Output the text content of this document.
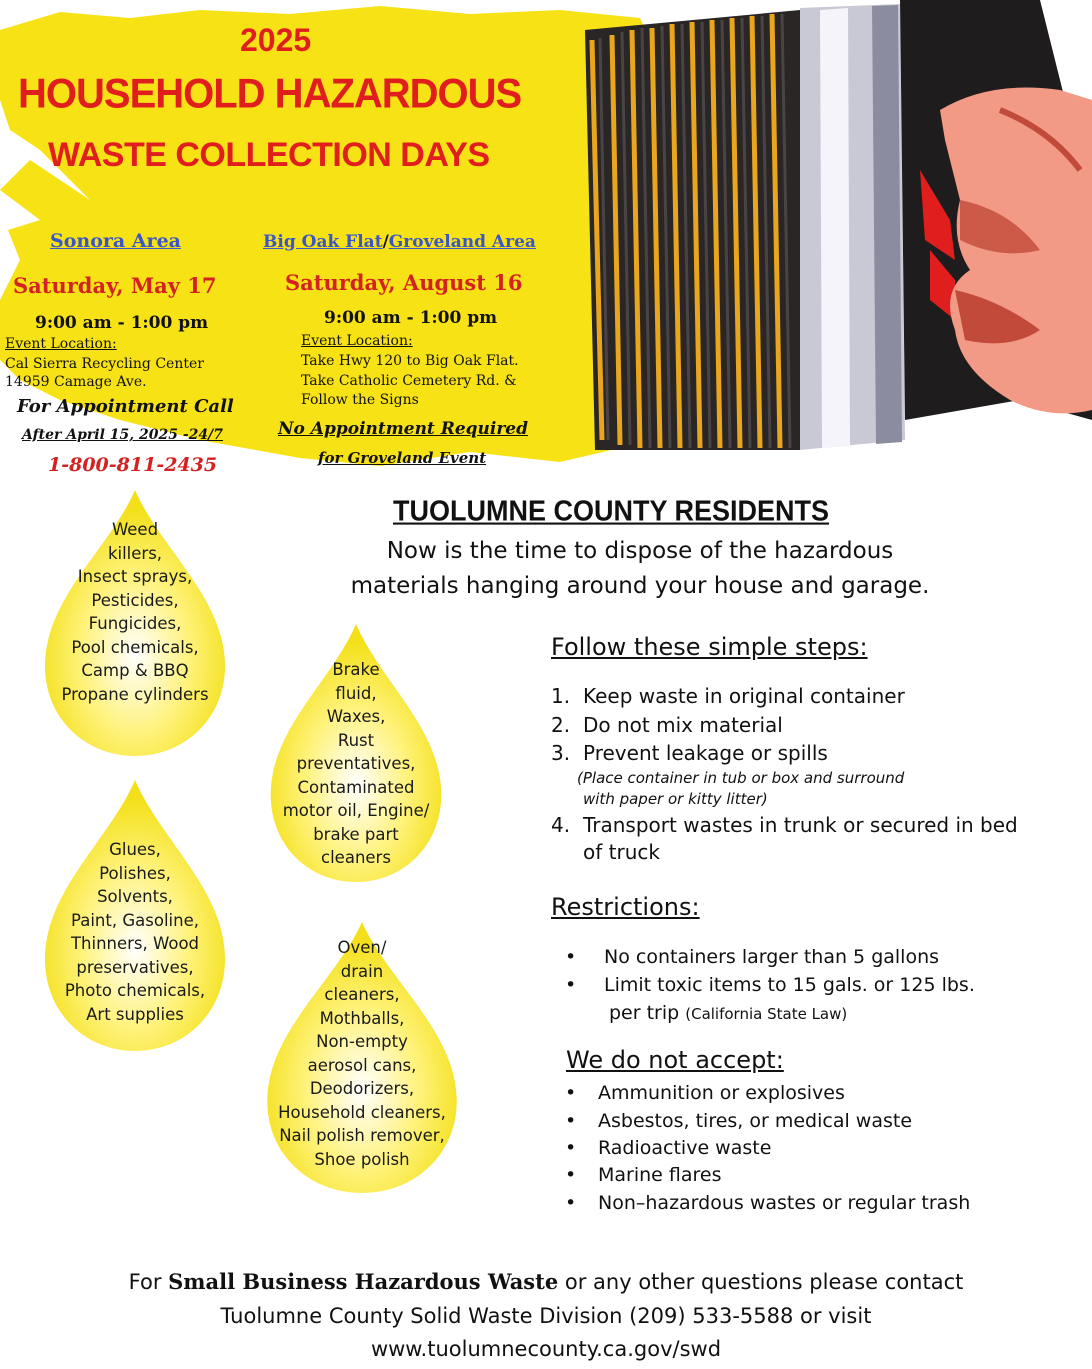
2025
HOUSEHOLD HAZARDOUS
WASTE COLLECTION DAYS
Sonora Area
Saturday, May 17
9:00 am - 1:00 pm
Event Location:
Cal Sierra Recycling Center
14959 Camage Ave.
For Appointment Call
After April 15, 2025 -24/7
1-800-811-2435
Big Oak Flat/Groveland Area
Saturday, August 16
9:00 am - 1:00 pm
Event Location:
Take Hwy 120 to Big Oak Flat.
Take Catholic Cemetery Rd. &
Follow the Signs
No Appointment Required
for Groveland Event
Weed
killers,
Insect sprays,
Pesticides,
Fungicides,
Pool chemicals,
Camp & BBQ
Propane cylinders
Brake
fluid,
Waxes,
Rust
preventatives,
Contaminated
motor oil, Engine/
brake part
cleaners
Glues,
Polishes,
Solvents,
Paint, Gasoline,
Thinners, Wood
preservatives,
Photo chemicals,
Art supplies
Oven/
drain
cleaners,
Mothballs,
Non-empty
aerosol cans,
Deodorizers,
Household cleaners,
Nail polish remover,
Shoe polish
TUOLUMNE COUNTY RESIDENTS
Now is the time to dispose of the hazardous
materials hanging around your house and garage.
Follow these simple steps:
1. Keep waste in original container
2. Do not mix material
3. Prevent leakage or spills
(Place container in tub or box and surround
with paper or kitty litter)
4. Transport wastes in trunk or secured in bed
of truck
Restrictions:
• No containers larger than 5 gallons
• Limit toxic items to 15 gals. or 125 lbs.
per trip (California State Law)
We do not accept:
• Ammunition or explosives
• Asbestos, tires, or medical waste
• Radioactive waste
• Marine flares
• Non–hazardous wastes or regular trash
For Small Business Hazardous Waste or any other questions please contact
Tuolumne County Solid Waste Division (209) 533-5588 or visit
www.tuolumnecounty.ca.gov/swd
